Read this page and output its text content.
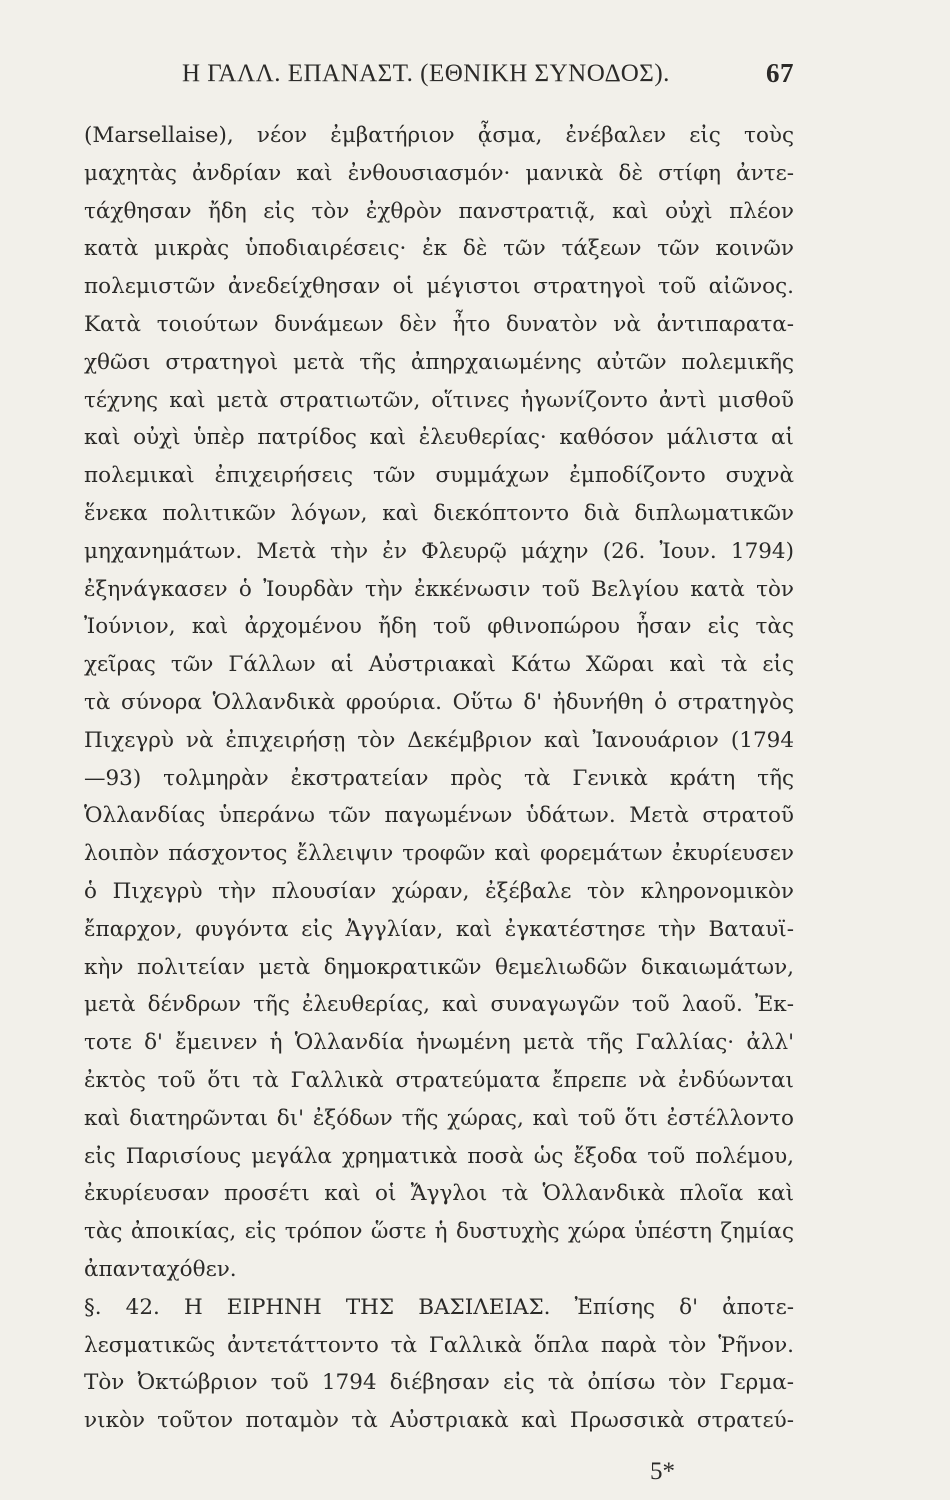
Η ΓΑΛΛ. ΕΠΑΝΑΣΤ. (ΕΘΝΙΚΗ ΣΥΝΟΔΟΣ).	67
(Marsellaise), νέον ἐμβατήριον ᾆσμα, ἐνέβαλεν εἰς τοὺς
μαχητὰς ἀνδρίαν καὶ ἐνθουσιασμόν· μανικὰ δὲ στίφη ἀντε-
τάχθησαν ἤδη εἰς τὸν ἐχθρὸν πανστρατιᾷ, καὶ οὐχὶ πλέον
κατὰ μικρὰς ὑποδιαιρέσεις· ἐκ δὲ τῶν τάξεων τῶν κοινῶν
πολεμιστῶν ἀνεδείχθησαν οἱ μέγιστοι στρατηγοὶ τοῦ αἰῶνος.
Κατὰ τοιούτων δυνάμεων δὲν ἦτο δυνατὸν νὰ ἀντιπαρατα-
χθῶσι στρατηγοὶ μετὰ τῆς ἀπηρχαιωμένης αὐτῶν πολεμικῆς
τέχνης καὶ μετὰ στρατιωτῶν, οἵτινες ἠγωνίζοντο ἀντὶ μισθοῦ
καὶ οὐχὶ ὑπὲρ πατρίδος καὶ ἐλευθερίας· καθόσον μάλιστα αἱ
πολεμικαὶ ἐπιχειρήσεις τῶν συμμάχων ἐμποδίζοντο συχνὰ
ἕνεκα πολιτικῶν λόγων, καὶ διεκόπτοντο διὰ διπλωματικῶν
μηχανημάτων. Μετὰ τὴν ἐν Φλευρῷ μάχην (26. Ἰουν. 1794)
ἐξηνάγκασεν ὁ Ἰουρδὰν τὴν ἐκκένωσιν τοῦ Βελγίου κατὰ τὸν
Ἰούνιον, καὶ ἀρχομένου ἤδη τοῦ φθινοπώρου ἦσαν εἰς τὰς
χεῖρας τῶν Γάλλων αἱ Αὐστριακαὶ Κάτω Χῶραι καὶ τὰ εἰς
τὰ σύνορα Ὁλλανδικὰ φρούρια. Οὕτω δ' ἠδυνήθη ὁ στρατηγὸς
Πιχεγρὺ νὰ ἐπιχειρήσῃ τὸν Δεκέμβριον καὶ Ἰανουάριον (1794
—93) τολμηρὰν ἐκστρατείαν πρὸς τὰ Γενικὰ κράτη τῆς
Ὁλλανδίας ὑπεράνω τῶν παγωμένων ὑδάτων. Μετὰ στρατοῦ
λοιπὸν πάσχοντος ἔλλειψιν τροφῶν καὶ φορεμάτων ἐκυρίευσεν
ὁ Πιχεγρὺ τὴν πλουσίαν χώραν, ἐξέβαλε τὸν κληρονομικὸν
ἔπαρχον, φυγόντα εἰς Ἀγγλίαν, καὶ ἐγκατέστησε τὴν Βαταυϊ-
κὴν πολιτείαν μετὰ δημοκρατικῶν θεμελιωδῶν δικαιωμάτων,
μετὰ δένδρων τῆς ἐλευθερίας, καὶ συναγωγῶν τοῦ λαοῦ. Ἐκ-
τοτε δ' ἔμεινεν ἡ Ὁλλανδία ἡνωμένη μετὰ τῆς Γαλλίας· ἀλλ'
ἐκτὸς τοῦ ὅτι τὰ Γαλλικὰ στρατεύματα ἔπρεπε νὰ ἐνδύωνται
καὶ διατηρῶνται δι' ἐξόδων τῆς χώρας, καὶ τοῦ ὅτι ἐστέλλοντο
εἰς Παρισίους μεγάλα χρηματικὰ ποσὰ ὡς ἔξοδα τοῦ πολέμου,
ἐκυρίευσαν προσέτι καὶ οἱ Ἄγγλοι τὰ Ὁλλανδικὰ πλοῖα καὶ
τὰς ἀποικίας, εἰς τρόπον ὥστε ἡ δυστυχὴς χώρα ὑπέστη ζημίας
ἀπανταχόθεν.
§. 42. Η ΕΙΡΗΝΗ ΤΗΣ ΒΑΣΙΛΕΙΑΣ. Ἐπίσης δ' ἀποτε-
λεσματικῶς ἀντετάττοντο τὰ Γαλλικὰ ὅπλα παρὰ τὸν Ῥῆνον.
Τὸν Ὀκτώβριον τοῦ 1794 διέβησαν εἰς τὰ ὀπίσω τὸν Γερμα-
νικὸν τοῦτον ποταμὸν τὰ Αὐστριακὰ καὶ Πρωσσικὰ στρατεύ-
5*
